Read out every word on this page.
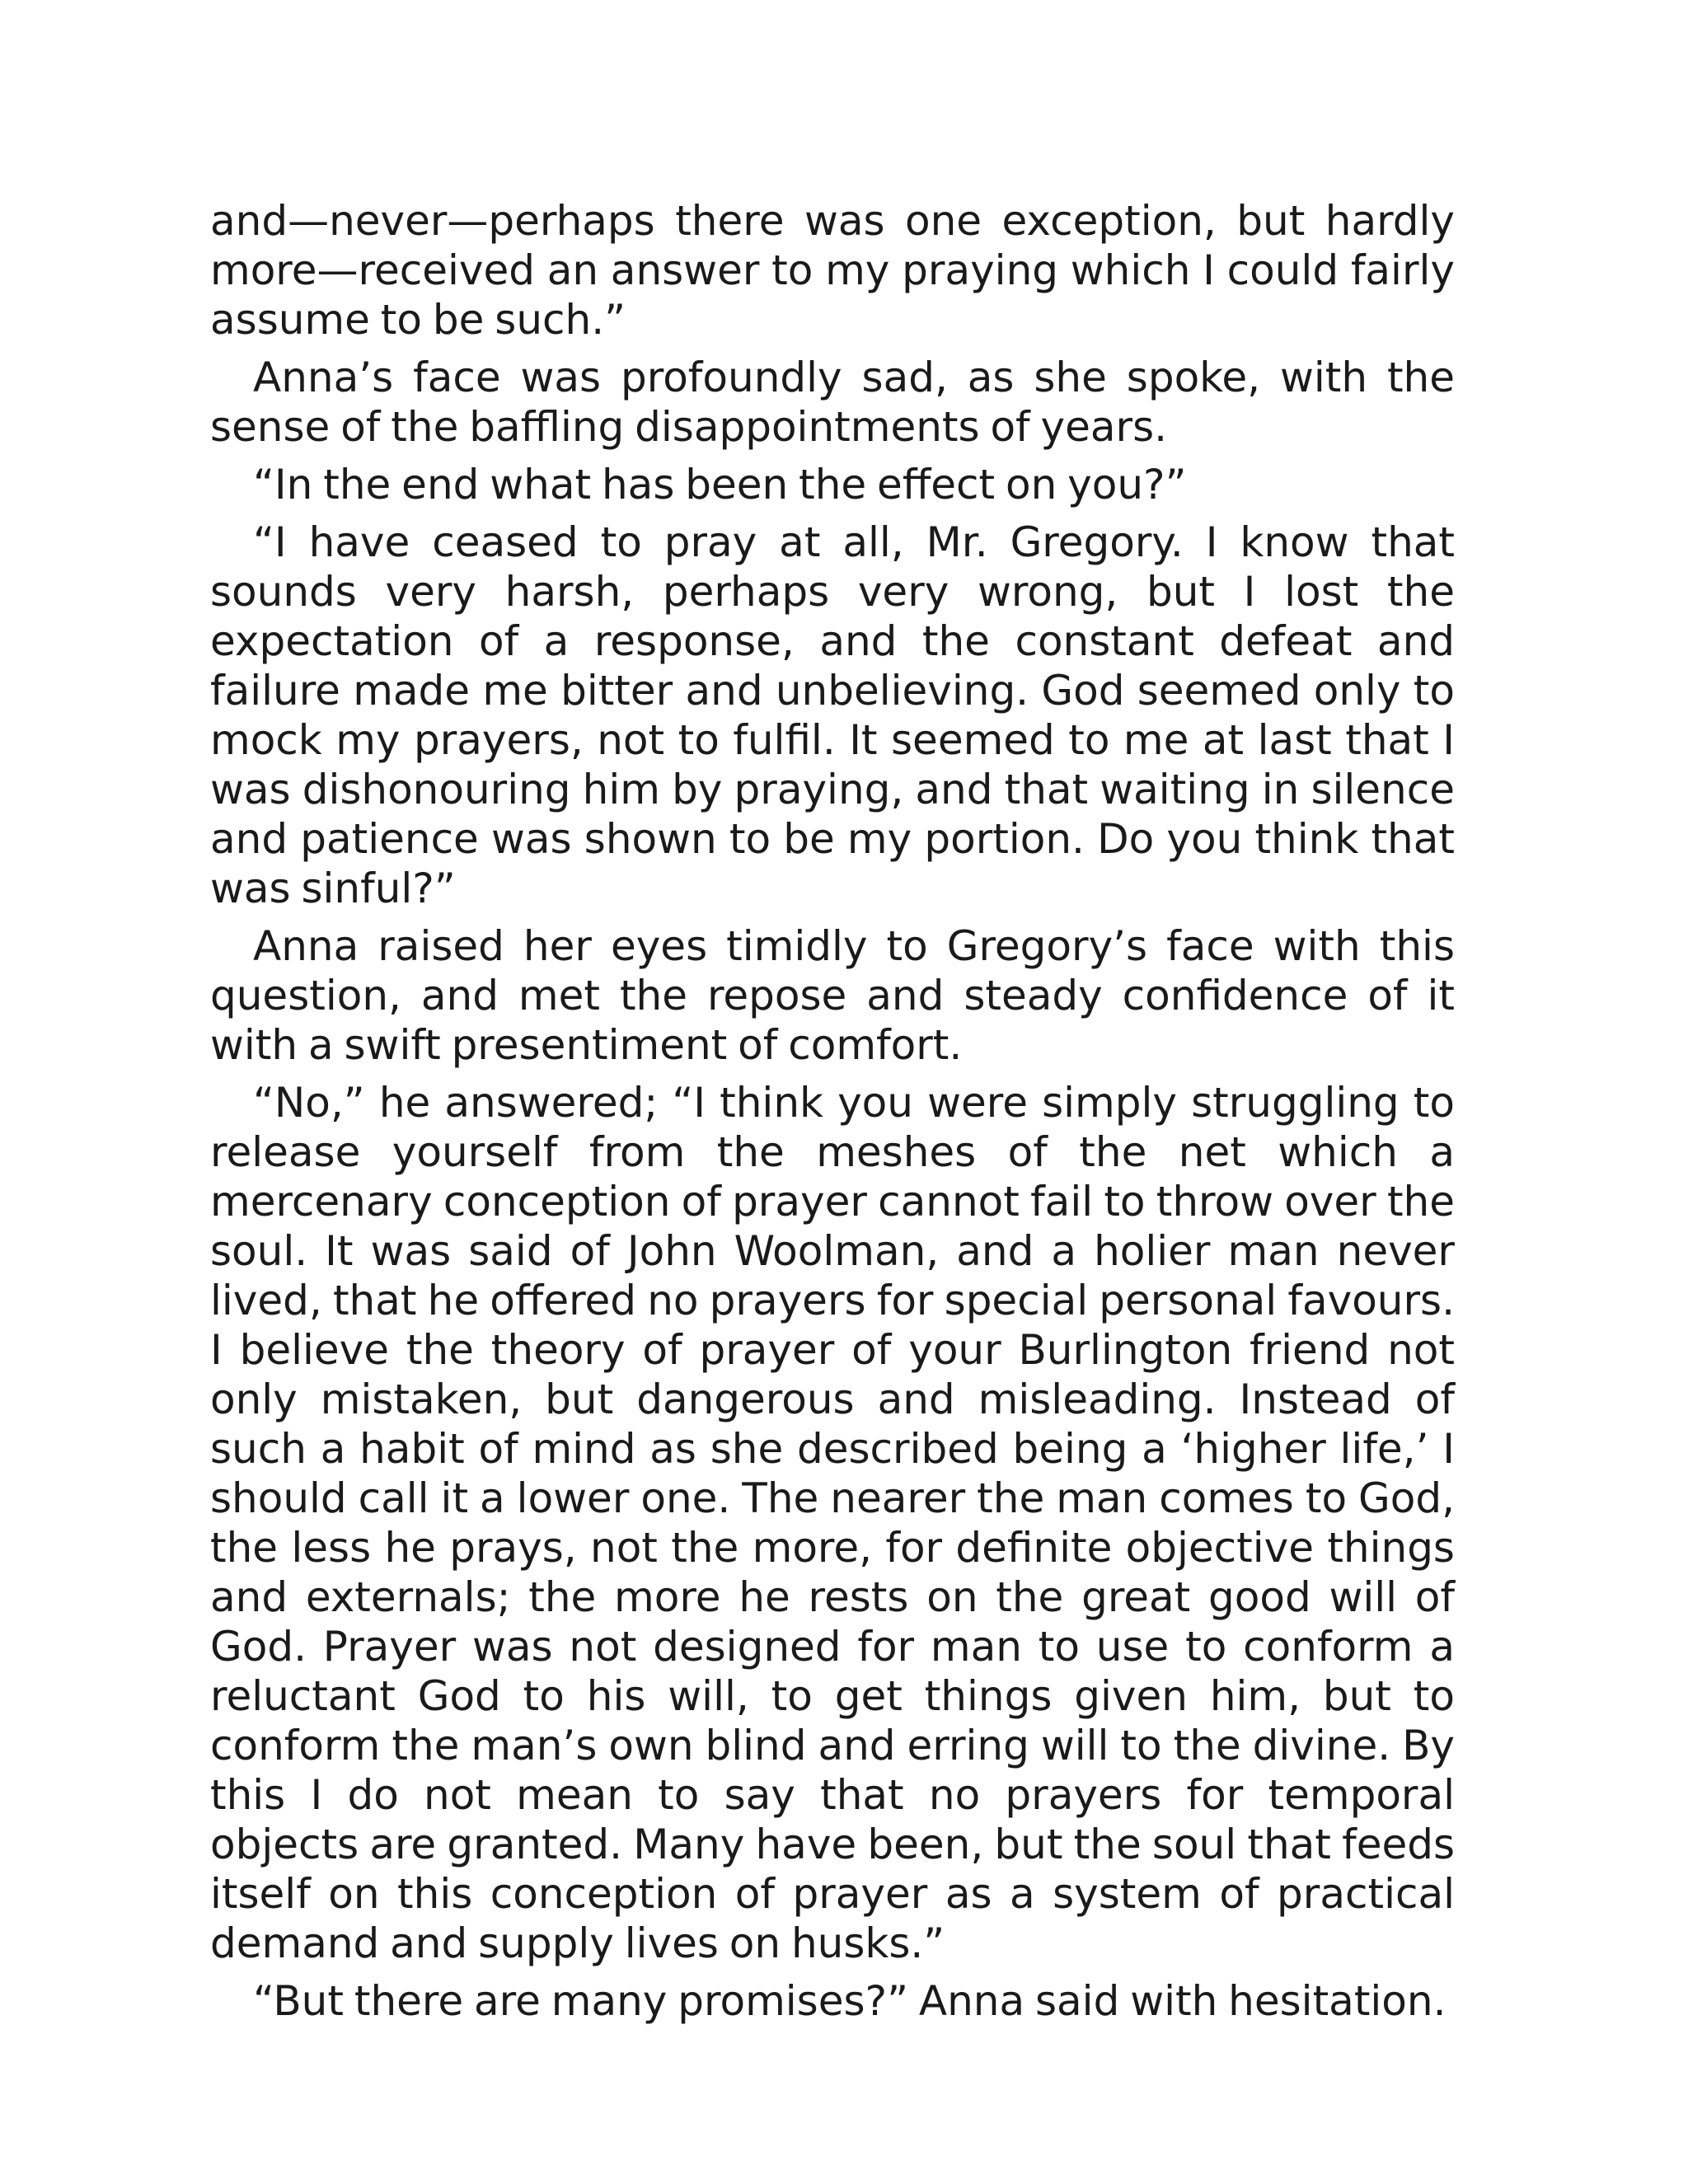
and—never—perhaps there was one exception, but hardly more—received an answer to my praying which I could fairly assume to be such.”

Anna’s face was profoundly sad, as she spoke, with the sense of the baffling disappointments of years.

“In the end what has been the effect on you?”

“I have ceased to pray at all, Mr. Gregory. I know that sounds very harsh, perhaps very wrong, but I lost the expectation of a response, and the constant defeat and failure made me bitter and unbelieving. God seemed only to mock my prayers, not to fulfil. It seemed to me at last that I was dishonouring him by praying, and that waiting in silence and patience was shown to be my portion. Do you think that was sinful?”

Anna raised her eyes timidly to Gregory’s face with this question, and met the repose and steady confidence of it with a swift presentiment of comfort.

“No,” he answered; “I think you were simply struggling to release yourself from the meshes of the net which a mercenary conception of prayer cannot fail to throw over the soul. It was said of John Woolman, and a holier man never lived, that he offered no prayers for special personal favours. I believe the theory of prayer of your Burlington friend not only mistaken, but dangerous and misleading. Instead of such a habit of mind as she described being a ‘higher life,’ I should call it a lower one. The nearer the man comes to God, the less he prays, not the more, for definite objective things and externals; the more he rests on the great good will of God. Prayer was not designed for man to use to conform a reluctant God to his will, to get things given him, but to conform the man’s own blind and erring will to the divine. By this I do not mean to say that no prayers for temporal objects are granted. Many have been, but the soul that feeds itself on this conception of prayer as a system of practical demand and supply lives on husks.”

“But there are many promises?” Anna said with hesitation.
